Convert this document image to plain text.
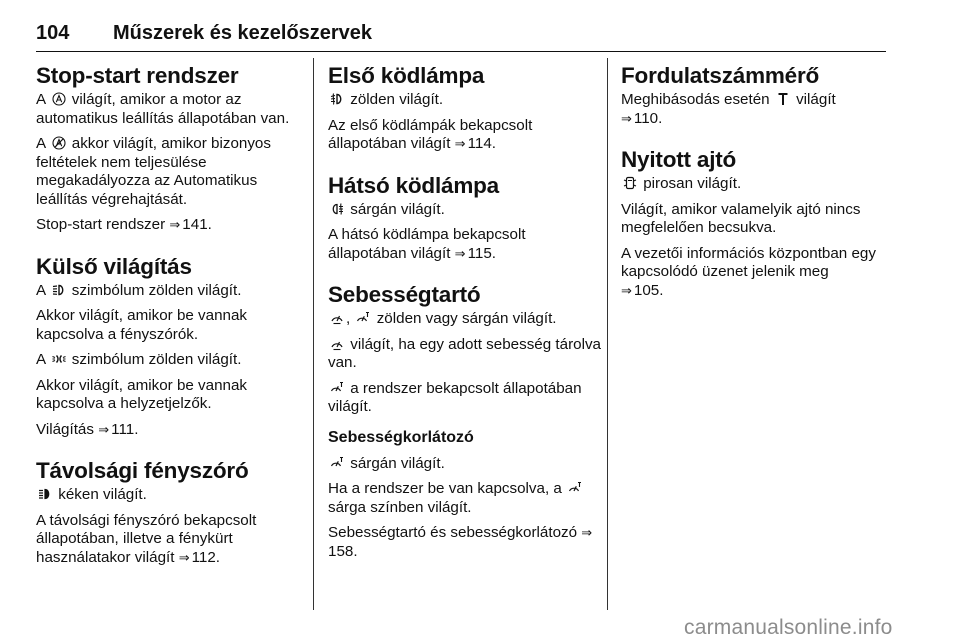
104 Műszerek és kezelőszervek
Stop-start rendszer

A világít, amikor a motor az automatikus leállítás állapotában van.

A akkor világít, amikor bizonyos feltételek nem teljesülése megakadályozza az Automatikus leállítás végrehajtását.

Stop-start rendszer ⇒ 141.

Külső világítás

A szimbólum zölden világít.

Akkor világít, amikor be vannak kapcsolva a fényszórók.

A szimbólum zölden világít.

Akkor világít, amikor be vannak kapcsolva a helyzetjelzők.

Világítás ⇒ 111.

Távolsági fényszóró

kéken világít.

A távolsági fényszóró bekapcsolt állapotában, illetve a fénykürt használatakor világít ⇒ 112.

Első ködlámpa

zölden világít.

Az első ködlámpák bekapcsolt állapotában világít ⇒ 114.

Hátsó ködlámpa

sárgán világít.

A hátsó ködlámpa bekapcsolt állapotában világít ⇒ 115.

Sebességtartó

, zölden vagy sárgán világít.

világít, ha egy adott sebesség tárolva van.

a rendszer bekapcsolt állapotában világít.

Sebességkorlátozó

sárgán világít.

Ha a rendszer be van kapcsolva, a
sárga színben világít.

Sebességtartó és sebességkorlátozó ⇒158.

Fordulatszámmérő

Meghibásodás esetén világít
⇒ 110.

Nyitott ajtó

pirosan világít.

Világít, amikor valamelyik ajtó nincs megfelelően becsukva.

A vezetői információs központban egy kapcsolódó üzenet jelenik meg
⇒ 105.

carmanualsonline.info
